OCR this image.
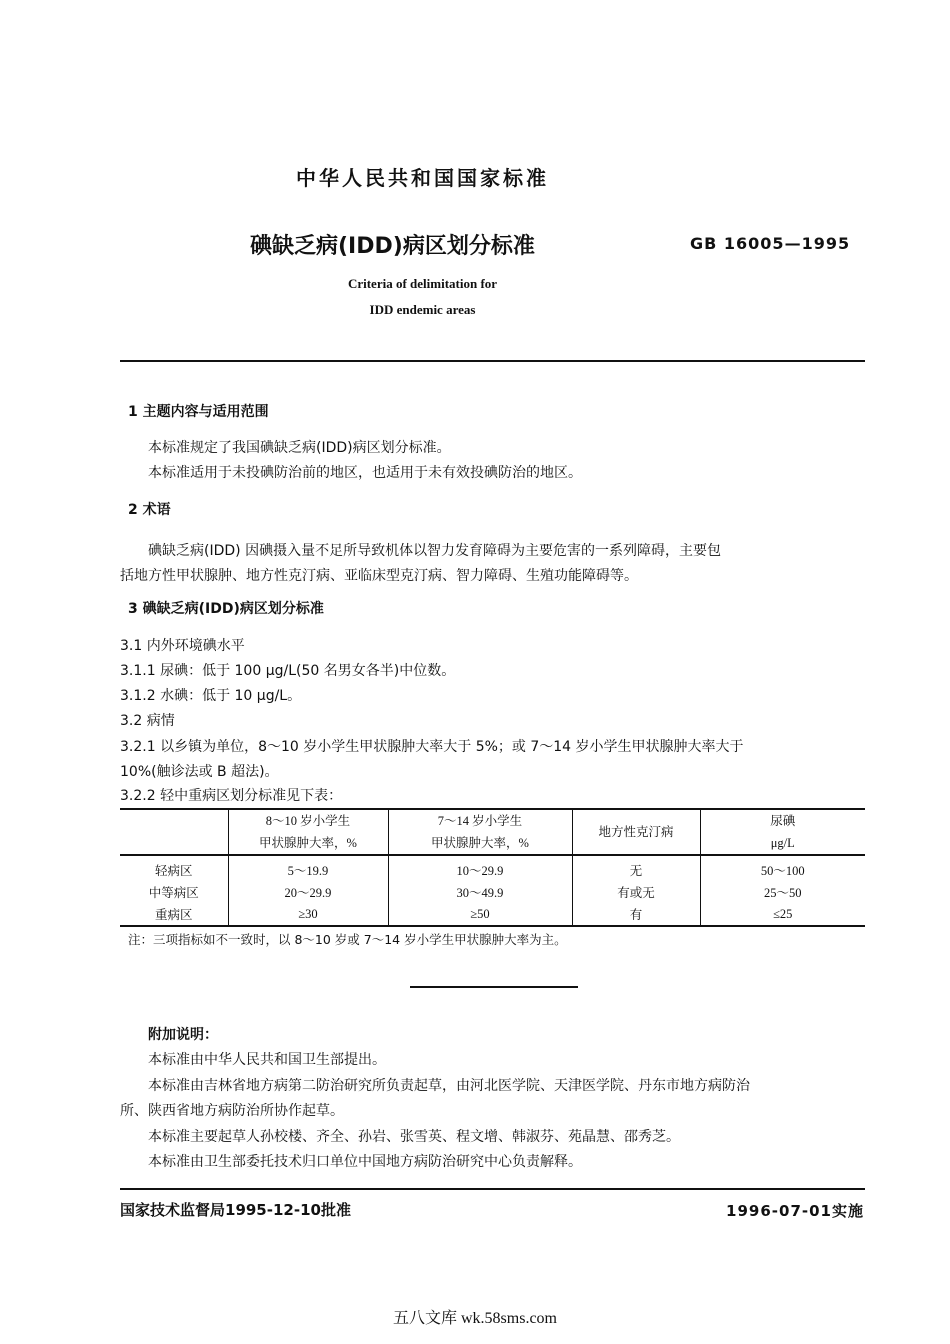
中华人民共和国国家标准
碘缺乏病(IDD)病区划分标准	GB 16005—1995
Criteria of delimitation for
IDD endemic areas
1 主题内容与适用范围
本标准规定了我国碘缺乏病(IDD)病区划分标准。
本标准适用于未投碘防治前的地区，也适用于未有效投碘防治的地区。
2 术语
碘缺乏病(IDD) 因碘摄入量不足所导致机体以智力发育障碍为主要危害的一系列障碍，主要包
括地方性甲状腺肿、地方性克汀病、亚临床型克汀病、智力障碍、生殖功能障碍等。
3 碘缺乏病(IDD)病区划分标准
3.1 内外环境碘水平
3.1.1 尿碘：低于 100 μg/L(50 名男女各半)中位数。
3.1.2 水碘：低于 10 μg/L。
3.2 病情
3.2.1 以乡镇为单位，8～10 岁小学生甲状腺肿大率大于 5%；或 7～14 岁小学生甲状腺肿大率大于
10%(触诊法或 B 超法)。
3.2.2 轻中重病区划分标准见下表：
	8～10 岁小学生	7～14 岁小学生	地方性克汀病	尿碘
	甲状腺肿大率，%	甲状腺肿大率，%		μg/L
轻病区	5～19.9	10～29.9	无	50～100
中等病区	20～29.9	30～49.9	有或无	25～50
重病区	≥30	≥50	有	≤25
注：三项指标如不一致时，以 8～10 岁或 7～14 岁小学生甲状腺肿大率为主。
附加说明：
本标准由中华人民共和国卫生部提出。
本标准由吉林省地方病第二防治研究所负责起草，由河北医学院、天津医学院、丹东市地方病防治
所、陕西省地方病防治所协作起草。
本标准主要起草人孙校楼、齐全、孙岩、张雪英、程文增、韩淑芬、苑晶慧、邵秀芝。
本标准由卫生部委托技术归口单位中国地方病防治研究中心负责解释。
国家技术监督局1995-12-10批准	1996-07-01实施
五八文库 wk.58sms.com
